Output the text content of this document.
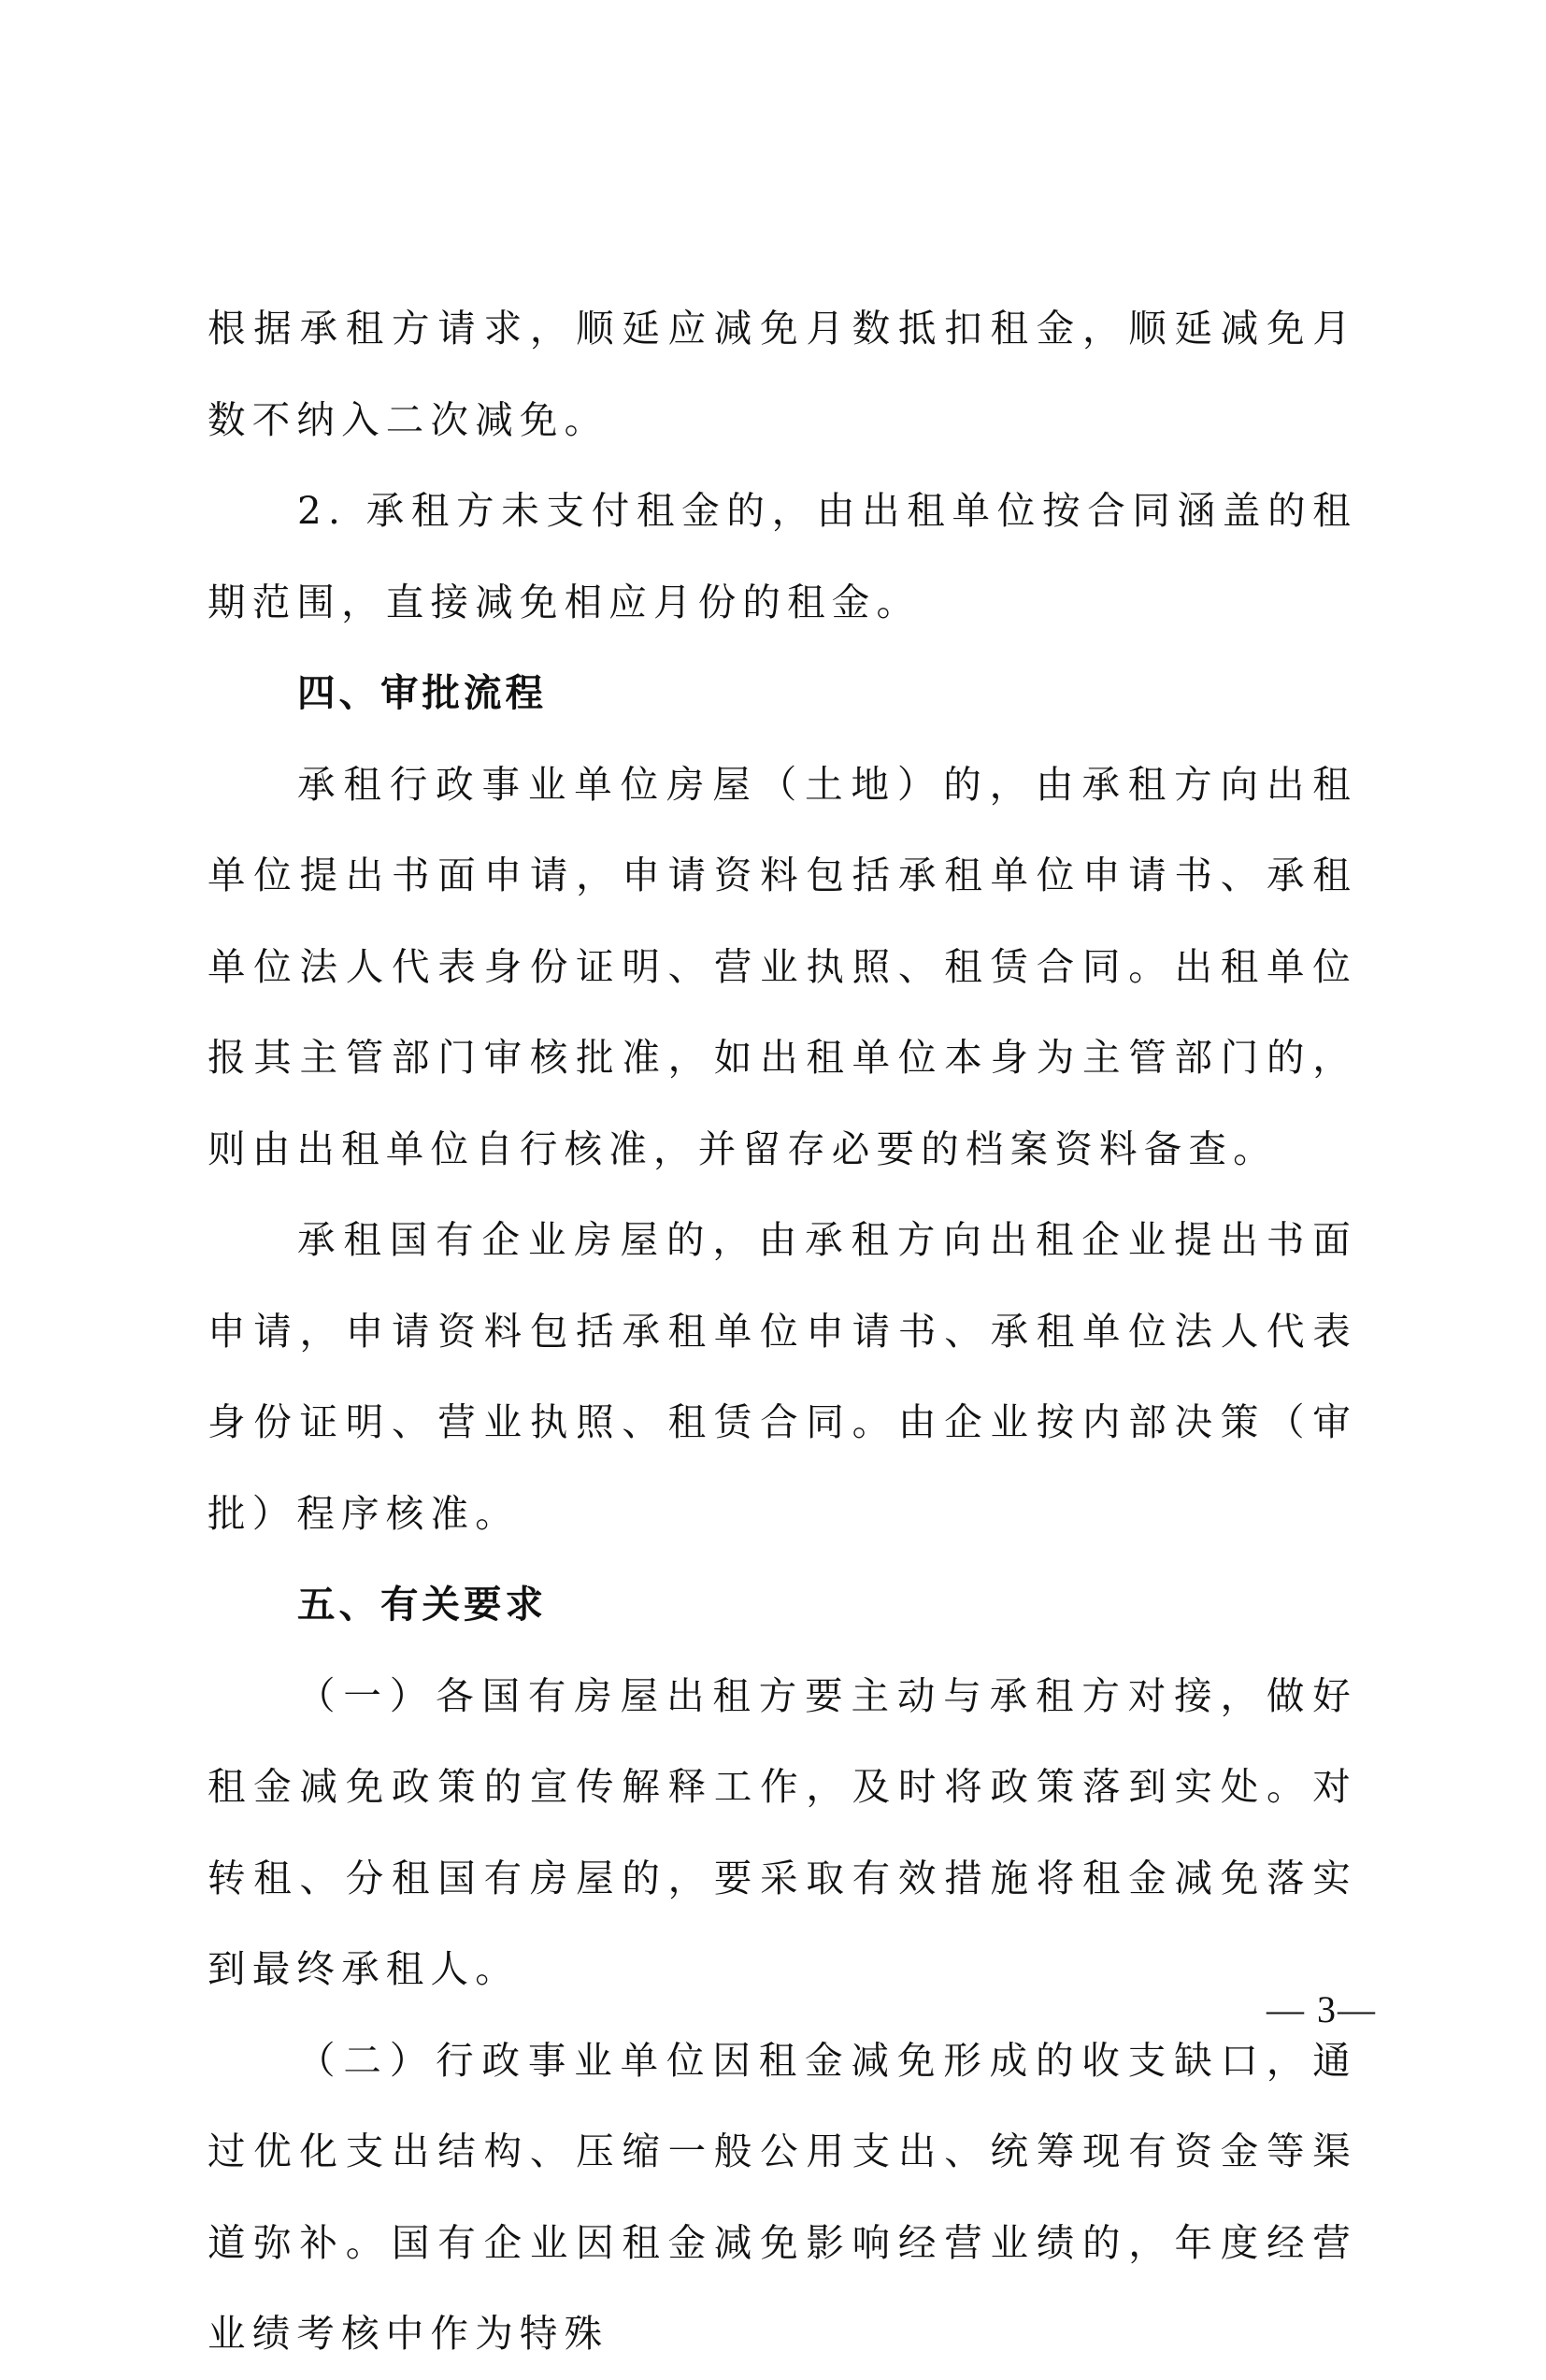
根据承租方请求，顺延应减免月数抵扣租金，顺延减免月数不纳入二次减免。

2. 承租方未支付租金的，由出租单位按合同涵盖的租期范围，直接减免相应月份的租金。

四、审批流程

承租行政事业单位房屋（土地）的，由承租方向出租单位提出书面申请，申请资料包括承租单位申请书、承租单位法人代表身份证明、营业执照、租赁合同。出租单位报其主管部门审核批准，如出租单位本身为主管部门的，则由出租单位自行核准，并留存必要的档案资料备查。

承租国有企业房屋的，由承租方向出租企业提出书面申请，申请资料包括承租单位申请书、承租单位法人代表身份证明、营业执照、租赁合同。由企业按内部决策（审批）程序核准。

五、有关要求

（一）各国有房屋出租方要主动与承租方对接，做好租金减免政策的宣传解释工作，及时将政策落到实处。对转租、分租国有房屋的，要采取有效措施将租金减免落实到最终承租人。

（二）行政事业单位因租金减免形成的收支缺口，通过优化支出结构、压缩一般公用支出、统筹现有资金等渠道弥补。国有企业因租金减免影响经营业绩的，年度经营业绩考核中作为特殊

— 3—
